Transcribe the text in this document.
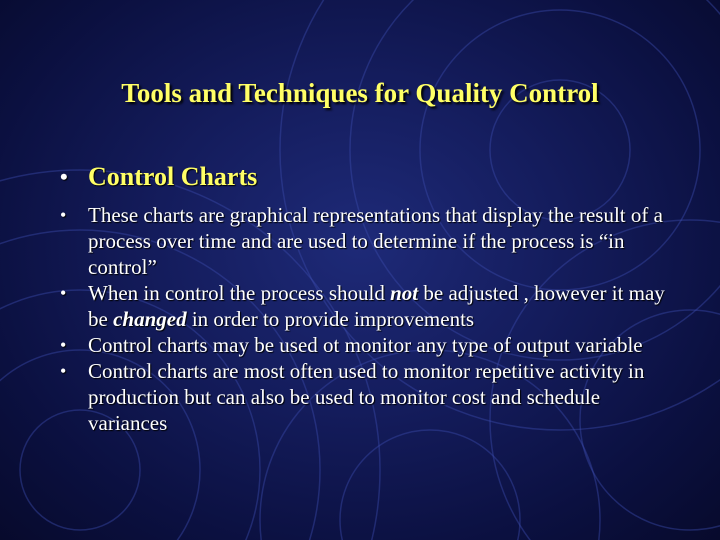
Tools and Techniques for Quality Control
• Control Charts
• These charts are graphical representations that display the result of a process over time and are used to determine if the process is “in control”
• When in control the process should not be adjusted , however it may be changed in order to provide improvements
• Control charts may be used ot monitor any type of output variable
• Control charts are most often used to monitor repetitive activity in production but can also be used to monitor cost and schedule variances
